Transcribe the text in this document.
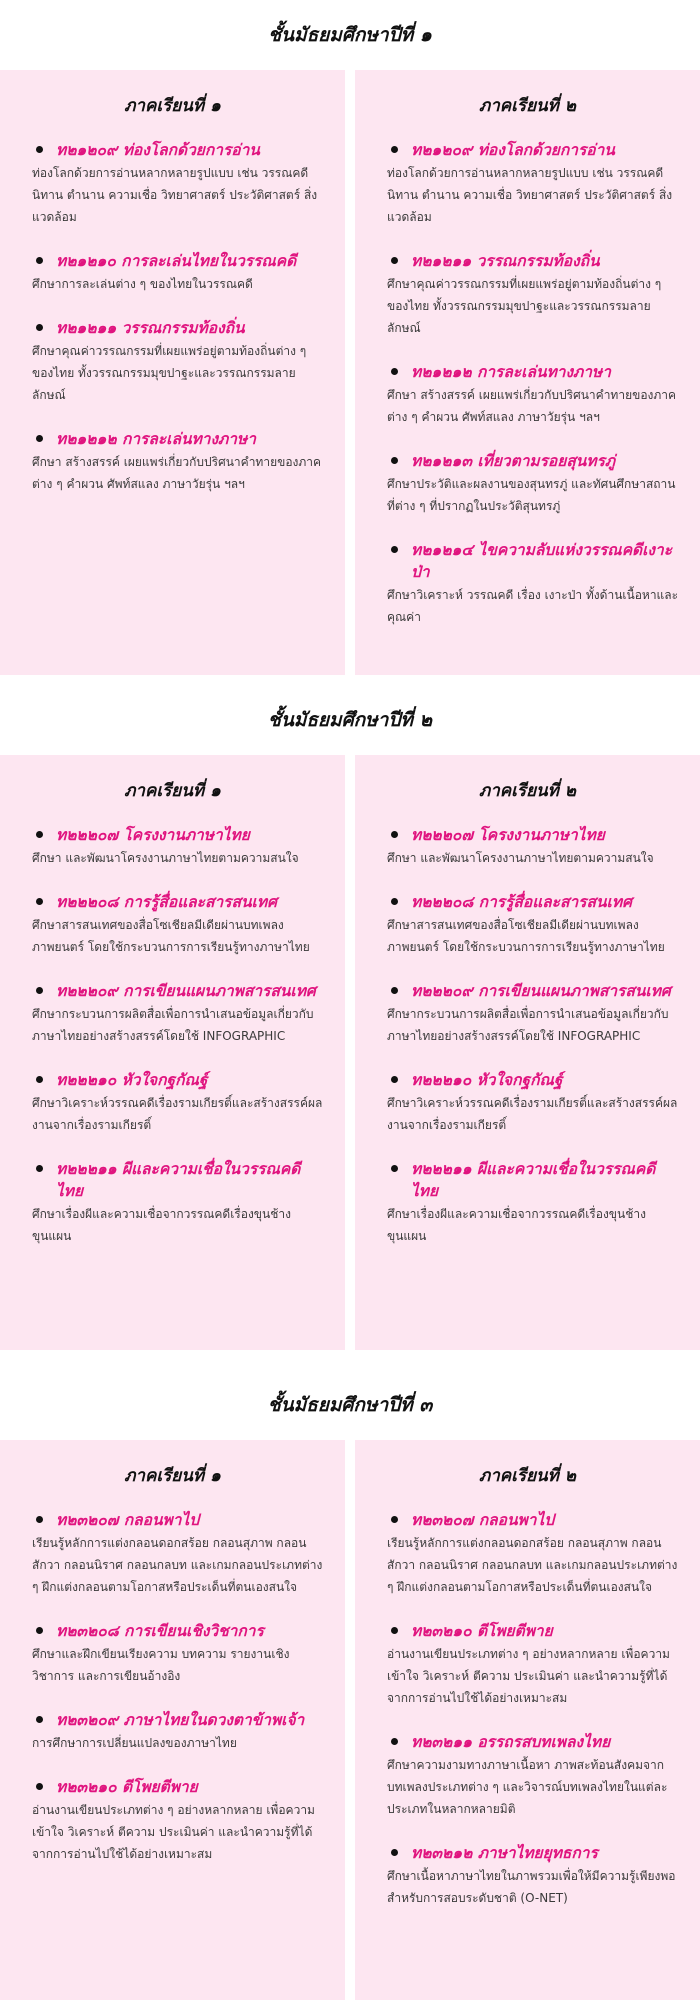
ชั้นมัธยมศึกษาปีที่ ๑
ภาคเรียนที่ ๑
ท๒๑๒๐๙ ท่องโลกด้วยการอ่าน

ท่องโลกด้วยการอ่านหลากหลายรูปแบบ เช่น วรรณคดี นิทาน ตำนาน ความเชื่อ วิทยาศาสตร์ ประวัติศาสตร์ สิ่งแวดล้อม

ท๒๑๒๑๐ การละเล่นไทยในวรรณคดี

ศึกษาการละเล่นต่าง ๆ ของไทยในวรรณคดี

ท๒๑๒๑๑ วรรณกรรมท้องถิ่น

ศึกษาคุณค่าวรรณกรรมที่เผยแพร่อยู่ตามท้องถิ่นต่าง ๆ ของไทย ทั้งวรรณกรรมมุขปาฐะและวรรณกรรมลายลักษณ์

ท๒๑๒๑๒ การละเล่นทางภาษา

ศึกษา สร้างสรรค์ เผยแพร่เกี่ยวกับปริศนาคำทายของภาคต่าง ๆ คำผวน ศัพท์สแลง ภาษาวัยรุ่น ฯลฯ

ภาคเรียนที่ ๒
ท๒๑๒๐๙ ท่องโลกด้วยการอ่าน

ท่องโลกด้วยการอ่านหลากหลายรูปแบบ เช่น วรรณคดี นิทาน ตำนาน ความเชื่อ วิทยาศาสตร์ ประวัติศาสตร์ สิ่งแวดล้อม

ท๒๑๒๑๑ วรรณกรรมท้องถิ่น

ศึกษาคุณค่าวรรณกรรมที่เผยแพร่อยู่ตามท้องถิ่นต่าง ๆ ของไทย ทั้งวรรณกรรมมุขปาฐะและวรรณกรรมลายลักษณ์

ท๒๑๒๑๒ การละเล่นทางภาษา

ศึกษา สร้างสรรค์ เผยแพร่เกี่ยวกับปริศนาคำทายของภาคต่าง ๆ คำผวน ศัพท์สแลง ภาษาวัยรุ่น ฯลฯ

ท๒๑๒๑๓ เที่ยวตามรอยสุนทรภู่

ศึกษาประวัติและผลงานของสุนทรภู่ และทัศนศึกษาสถานที่ต่าง ๆ ที่ปรากฏในประวัติสุนทรภู่

ท๒๑๒๑๔ ไขความลับแห่งวรรณคดีเงาะป่า

ศึกษาวิเคราะห์ วรรณคดี เรื่อง เงาะป่า ทั้งด้านเนื้อหาและคุณค่า

ชั้นมัธยมศึกษาปีที่ ๒
ภาคเรียนที่ ๑
ท๒๒๒๐๗ โครงงานภาษาไทย

ศึกษา และพัฒนาโครงงานภาษาไทยตามความสนใจ

ท๒๒๒๐๘ การรู้สื่อและสารสนเทศ

ศึกษาสารสนเทศของสื่อโซเชียลมีเดียผ่านบทเพลง ภาพยนตร์ โดยใช้กระบวนการการเรียนรู้ทางภาษาไทย

ท๒๒๒๐๙ การเขียนแผนภาพสารสนเทศ

ศึกษากระบวนการผลิตสื่อเพื่อการนำเสนอข้อมูลเกี่ยวกับภาษาไทยอย่างสร้างสรรค์โดยใช้ INFOGRAPHIC

ท๒๒๒๑๐ หัวใจกฐกัณฐ์

ศึกษาวิเคราะห์วรรณคดีเรื่องรามเกียรติ์และสร้างสรรค์ผลงานจากเรื่องรามเกียรติ์

ท๒๒๒๑๑ ผีและความเชื่อในวรรณคดีไทย

ศึกษาเรื่องผีและความเชื่อจากวรรณคดีเรื่องขุนช้างขุนแผน

ภาคเรียนที่ ๒
ท๒๒๒๐๗ โครงงานภาษาไทย

ศึกษา และพัฒนาโครงงานภาษาไทยตามความสนใจ

ท๒๒๒๐๘ การรู้สื่อและสารสนเทศ

ศึกษาสารสนเทศของสื่อโซเชียลมีเดียผ่านบทเพลง ภาพยนตร์ โดยใช้กระบวนการการเรียนรู้ทางภาษาไทย

ท๒๒๒๐๙ การเขียนแผนภาพสารสนเทศ

ศึกษากระบวนการผลิตสื่อเพื่อการนำเสนอข้อมูลเกี่ยวกับภาษาไทยอย่างสร้างสรรค์โดยใช้ INFOGRAPHIC

ท๒๒๒๑๐ หัวใจกฐกัณฐ์

ศึกษาวิเคราะห์วรรณคดีเรื่องรามเกียรติ์และสร้างสรรค์ผลงานจากเรื่องรามเกียรติ์

ท๒๒๒๑๑ ผีและความเชื่อในวรรณคดีไทย

ศึกษาเรื่องผีและความเชื่อจากวรรณคดีเรื่องขุนช้างขุนแผน

ชั้นมัธยมศึกษาปีที่ ๓
ภาคเรียนที่ ๑
ท๒๓๒๐๗ กลอนพาไป

เรียนรู้หลักการแต่งกลอนดอกสร้อย กลอนสุภาพ กลอนสักวา กลอนนิราศ กลอนกลบท และเกมกลอนประเภทต่าง ๆ ฝึกแต่งกลอนตามโอกาสหรือประเด็นที่ตนเองสนใจ

ท๒๓๒๐๘ การเขียนเชิงวิชาการ

ศึกษาและฝึกเขียนเรียงความ บทความ รายงานเชิงวิชาการ และการเขียนอ้างอิง

ท๒๓๒๐๙ ภาษาไทยในดวงตาข้าพเจ้า

การศึกษาการเปลี่ยนแปลงของภาษาไทย

ท๒๓๒๑๐ ตีโพยตีพาย

อ่านงานเขียนประเภทต่าง ๆ อย่างหลากหลาย เพื่อความเข้าใจ วิเคราะห์ ตีความ ประเมินค่า และนำความรู้ที่ได้จากการอ่านไปใช้ได้อย่างเหมาะสม

ภาคเรียนที่ ๒
ท๒๓๒๐๗ กลอนพาไป

เรียนรู้หลักการแต่งกลอนดอกสร้อย กลอนสุภาพ กลอนสักวา กลอนนิราศ กลอนกลบท และเกมกลอนประเภทต่าง ๆ ฝึกแต่งกลอนตามโอกาสหรือประเด็นที่ตนเองสนใจ

ท๒๓๒๑๐ ตีโพยตีพาย

อ่านงานเขียนประเภทต่าง ๆ อย่างหลากหลาย เพื่อความเข้าใจ วิเคราะห์ ตีความ ประเมินค่า และนำความรู้ที่ได้จากการอ่านไปใช้ได้อย่างเหมาะสม

ท๒๓๒๑๑ อรรถรสบทเพลงไทย

ศึกษาความงามทางภาษาเนื้อหา ภาพสะท้อนสังคมจากบทเพลงประเภทต่าง ๆ และวิจารณ์บทเพลงไทยในแต่ละประเภทในหลากหลายมิติ

ท๒๓๒๑๒ ภาษาไทยยุทธการ

ศึกษาเนื้อหาภาษาไทยในภาพรวมเพื่อให้มีความรู้เพียงพอสำหรับการสอบระดับชาติ (O-NET)
